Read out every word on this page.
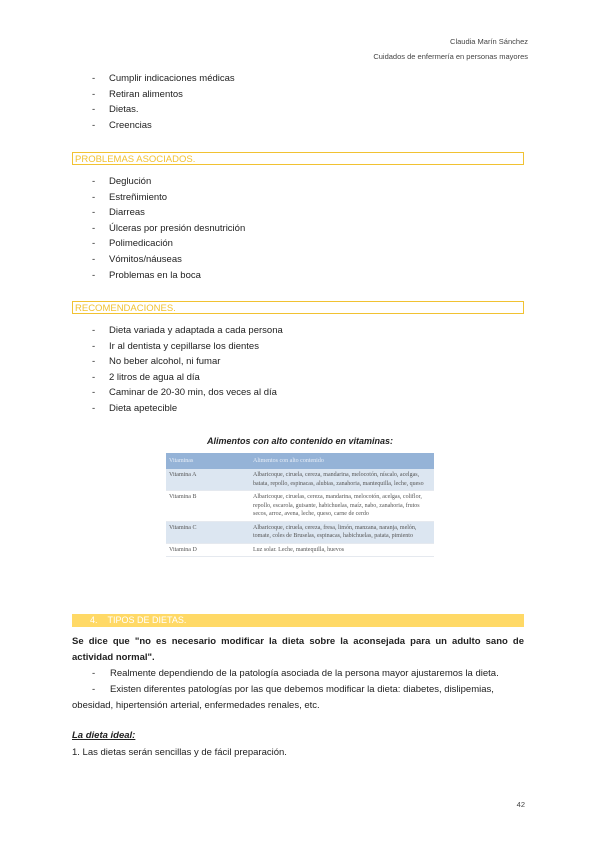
Claudia Marín Sánchez
Cuidados de enfermería en personas mayores
- Cumplir indicaciones médicas
- Retiran alimentos
- Dietas.
- Creencias
PROBLEMAS ASOCIADOS.
- Deglución
- Estreñimiento
- Diarreas
- Úlceras por presión desnutrición
- Polimedicación
- Vómitos/náuseas
- Problemas en la boca
RECOMENDACIONES.
- Dieta variada y adaptada a cada persona
- Ir al dentista y cepillarse los dientes
- No beber alcohol, ni fumar
- 2 litros de agua al día
- Caminar de 20-30 min, dos veces al día
- Dieta apetecible
Alimentos con alto contenido en vitaminas:
Vitaminas	Alimentos con alto contenido
Vitamina A	Albaricoque, ciruela, cereza, mandarina, melocotón, níscalo, acelgas, batata, repollo, espinacas, alubias, zanahoria, mantequilla, leche, queso
Vitamina B	Albaricoque, ciruelas, cereza, mandarina, melocotón, acelgas, coliflor, repollo, escarola, guisante, habichuelas, maíz, nabo, zanahoria, frutos secos, arroz, avena, leche, queso, carne de cerdo
Vitamina C	Albaricoque, ciruela, cereza, fresa, limón, manzana, naranja, melón, tomate, coles de Bruselas, espinacas, habichuelas, patata, pimiento
Vitamina D	Luz solar. Leche, mantequilla, huevos
4. TIPOS DE DIETAS.
Se dice que "no es necesario modificar la dieta sobre la aconsejada para un adulto sano de actividad normal".
-	Realmente dependiendo de la patología asociada de la persona mayor ajustaremos la dieta.
-	Existen diferentes patologías por las que debemos modificar la dieta: diabetes, dislipemias,
obesidad, hipertensión arterial, enfermedades renales, etc.
La dieta ideal:
1. Las dietas serán sencillas y de fácil preparación.
42
